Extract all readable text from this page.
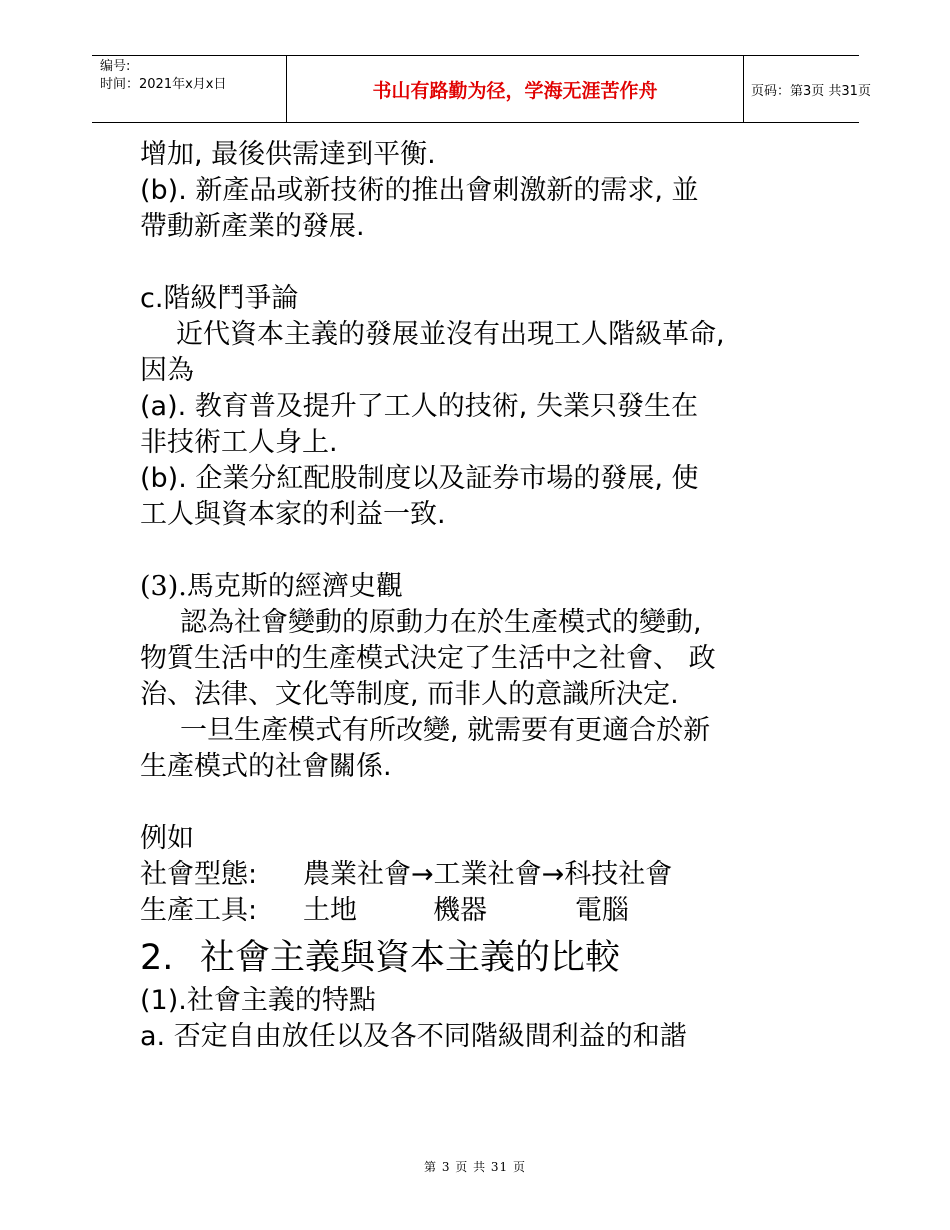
编号:
时间：2021年x月x日	书山有路勤为径，学海无涯苦作舟	页码：第3页 共31页

增加, 最後供需達到平衡.

(b). 新產品或新技術的推出會刺激新的需求, 並

帶動新產業的發展.

c.階級鬥爭論

近代資本主義的發展並沒有出現工人階級革命,

因為

(a). 教育普及提升了工人的技術, 失業只發生在

非技術工人身上.

(b). 企業分紅配股制度以及証券市場的發展, 使

工人與資本家的利益一致.

(3).馬克斯的經濟史觀

認為社會變動的原動力在於生產模式的變動,

物質生活中的生產模式決定了生活中之社會、 政

治、法律、文化等制度, 而非人的意識所決定.

一旦生產模式有所改變, 就需要有更適合於新

生產模式的社會關係.

例如

社會型態:	農業社會→工業社會→科技社會
生產工具:	土地	機器	電腦
2. 社會主義與資本主義的比較

(1).社會主義的特點

a. 否定自由放任以及各不同階級間利益的和諧

第 3 页 共 31 页
